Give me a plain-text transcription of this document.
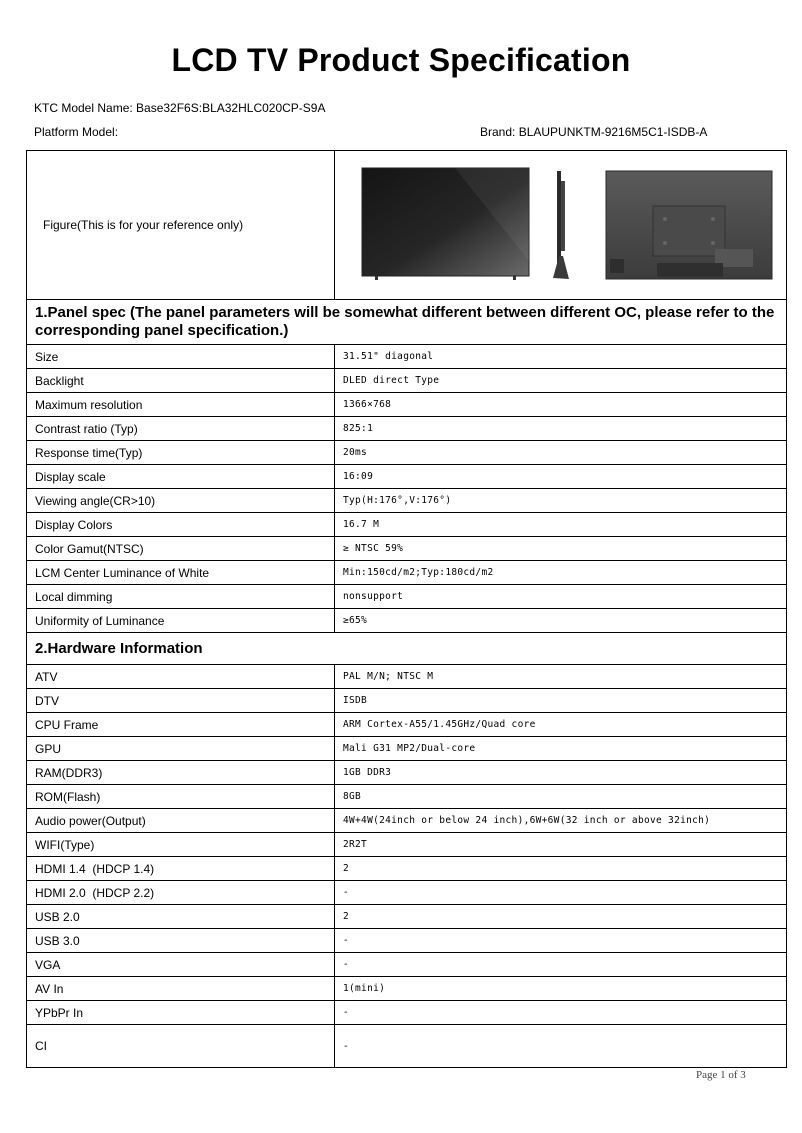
LCD TV Product Specification
KTC Model Name: Base32F6S:BLA32HLC020CP-S9A
Platform Model:	Brand: BLAUPUNKTM-9216M5C1-ISDB-A
Figure(This is for your reference only)	
1.Panel spec (The panel parameters will be somewhat different between different OC, please refer to the corresponding panel specification.)	
Size	31.51" diagonal
Backlight	DLED direct Type
Maximum resolution	1366×768
Contrast ratio (Typ)	825:1
Response time(Typ)	20ms
Display scale	16:09
Viewing angle(CR>10)	Typ(H:176°,V:176°)
Display Colors	16.7 M
Color Gamut(NTSC)	≥ NTSC 59%
LCM Center Luminance of White	Min:150cd/m2;Typ:180cd/m2
Local dimming	nonsupport
Uniformity of Luminance	≥65%
2.Hardware Information	
ATV	PAL M/N; NTSC M
DTV	ISDB
CPU Frame	ARM Cortex-A55/1.45GHz/Quad core
GPU	Mali G31 MP2/Dual-core
RAM(DDR3)	1GB DDR3
ROM(Flash)	8GB
Audio power(Output)	4W+4W(24inch or below 24 inch),6W+6W(32 inch or above 32inch)
WIFI(Type)	2R2T
HDMI 1.4  (HDCP 1.4)	2
HDMI 2.0  (HDCP 2.2)	-
USB 2.0	2
USB 3.0	-
VGA	-
AV In	1(mini)
YPbPr In	-
CI	-
Page 1 of 3
